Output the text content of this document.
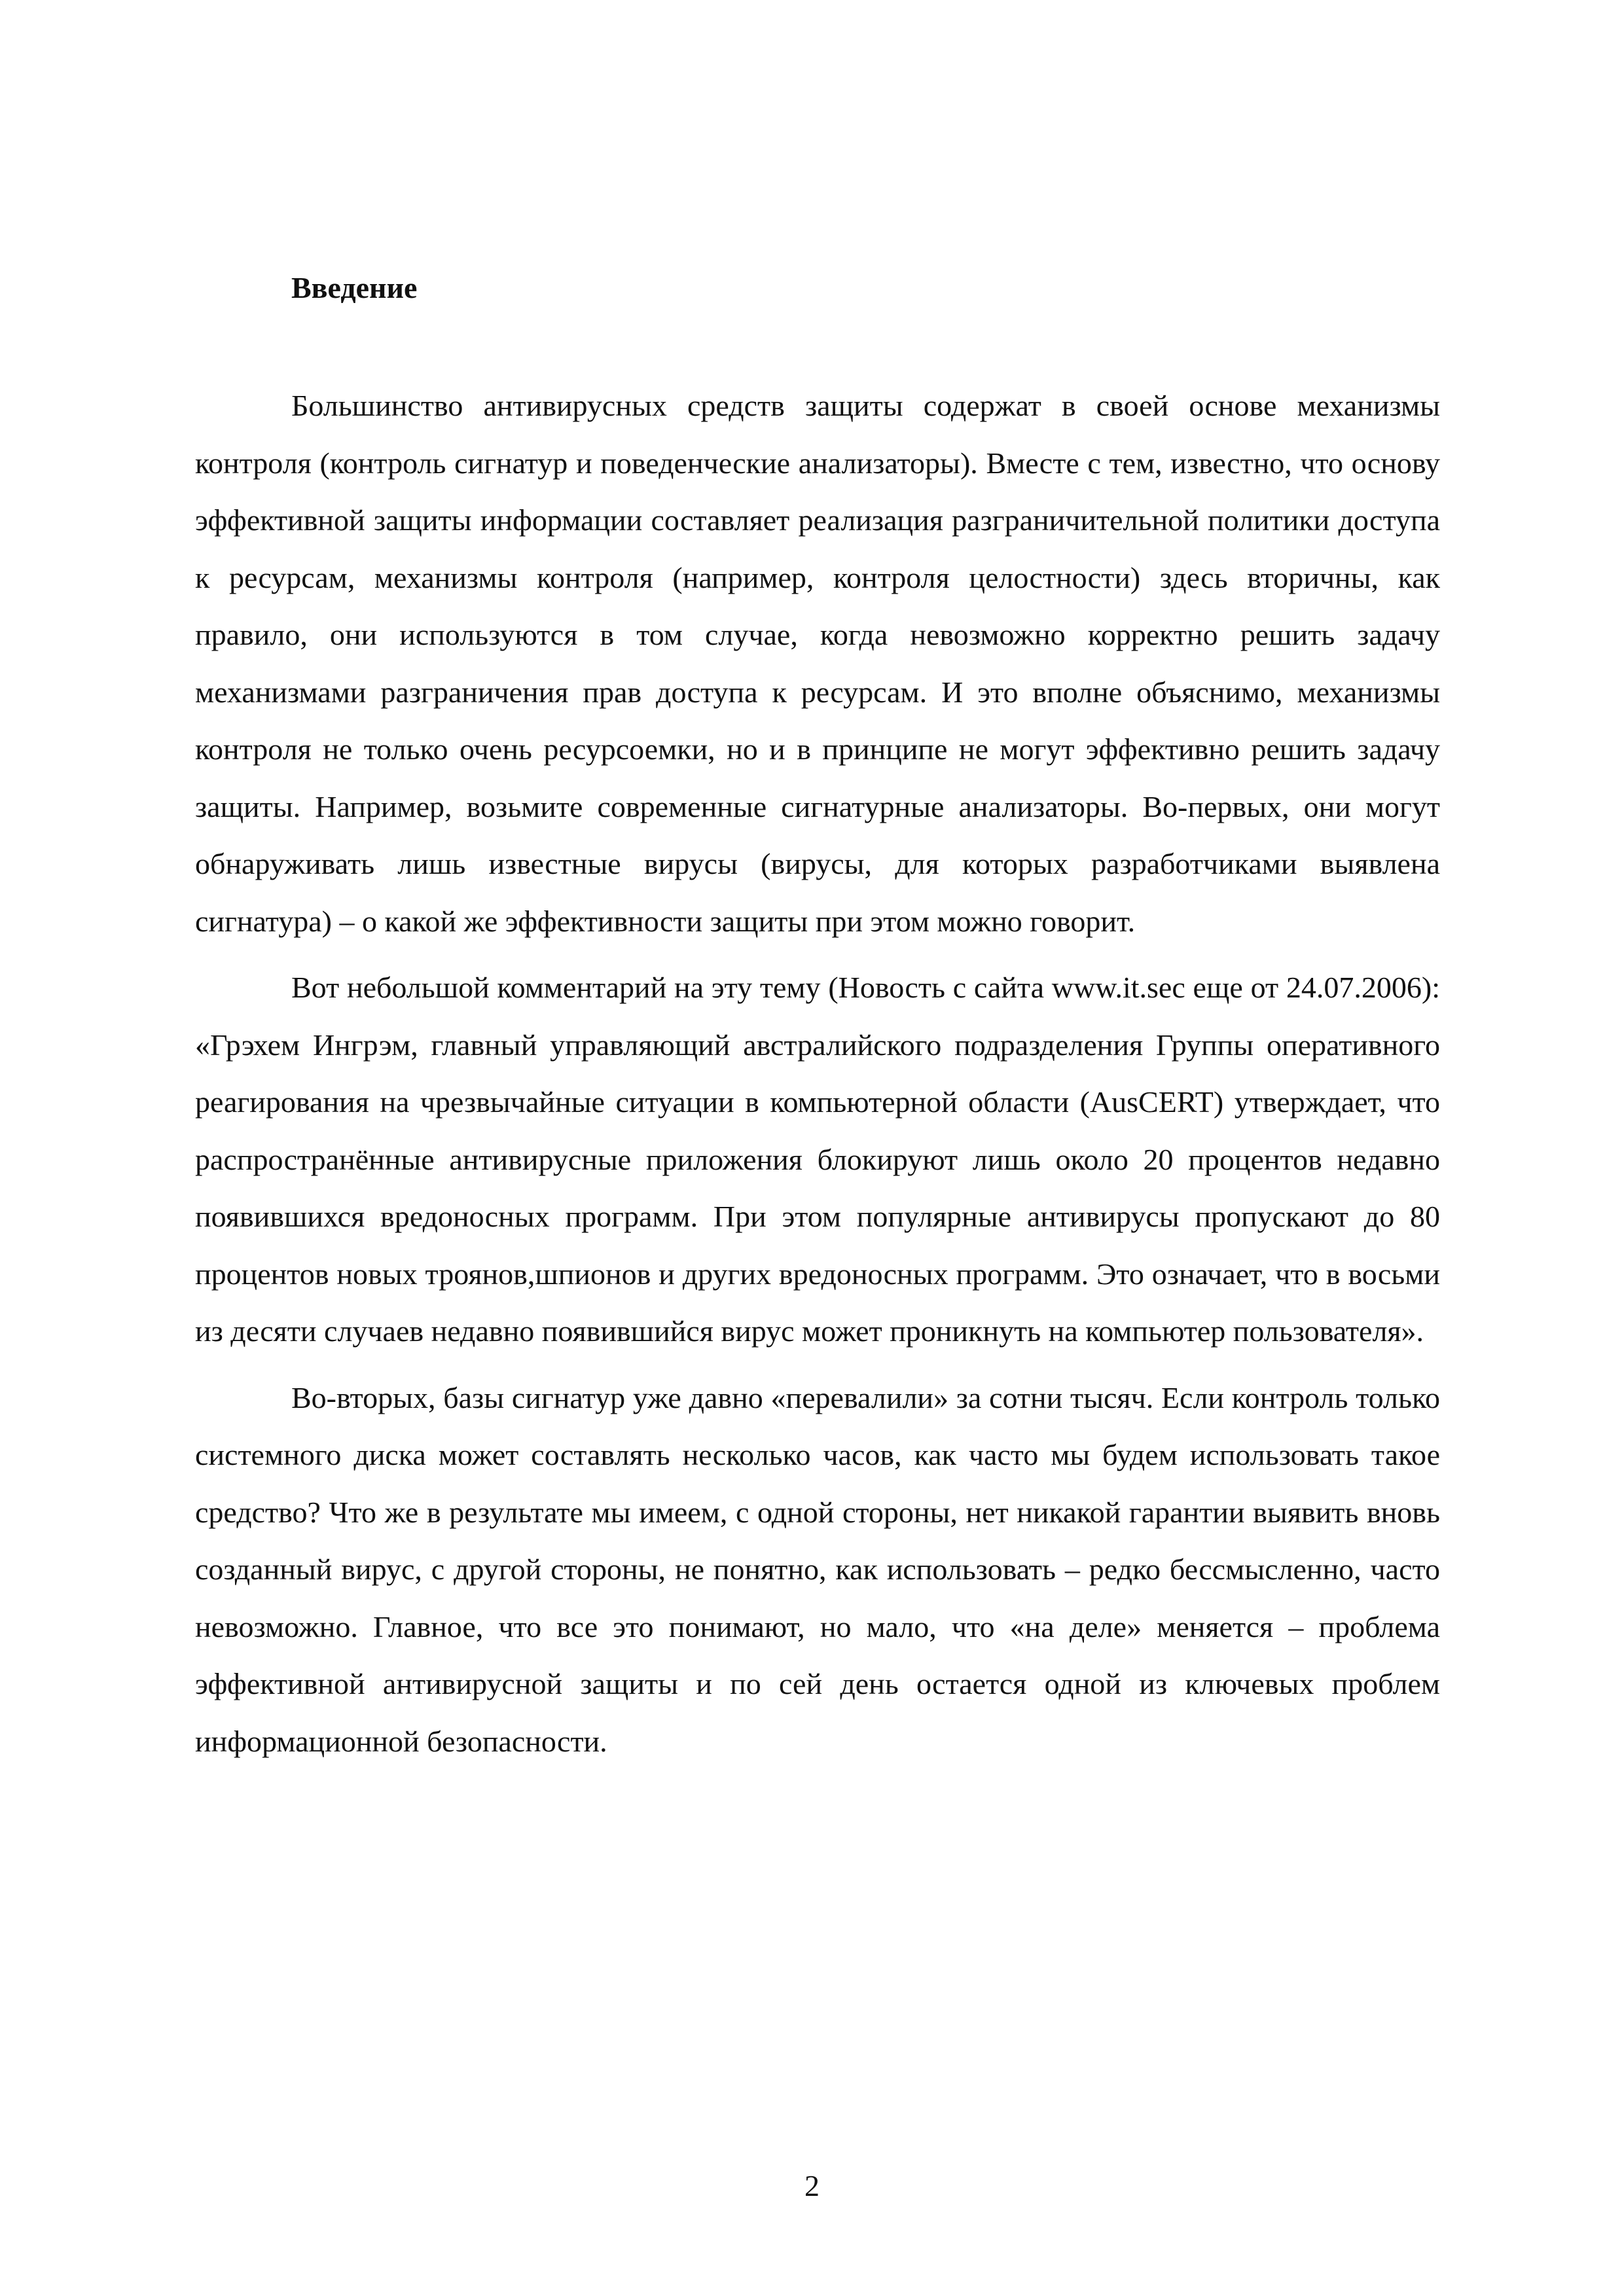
Введение

Большинство антивирусных средств защиты содержат в своей основе механизмы контроля (контроль сигнатур и поведенческие анализаторы). Вместе с тем, известно, что основу эффективной защиты информации составляет реализация разграничительной политики доступа к ресурсам, механизмы контроля (например, контроля целостности) здесь вторичны, как правило, они используются в том случае, когда невозможно корректно решить задачу механизмами разграничения прав доступа к ресурсам. И это вполне объяснимо, механизмы контроля не только очень ресурсоемки, но и в принципе не могут эффективно решить задачу защиты. Например, возьмите современные сигнатурные анализаторы. Во-первых, они могут обнаруживать лишь известные вирусы (вирусы, для которых разработчиками выявлена сигнатура) – о какой же эффективности защиты при этом можно говорит.

Вот небольшой комментарий на эту тему (Новость с сайта www.it.sec еще от 24.07.2006): «Грэхем Ингрэм, главный управляющий австралийского подразделения Группы оперативного реагирования на чрезвычайные ситуации в компьютерной области (AusCERT) утверждает, что распространённые антивирусные приложения блокируют лишь около 20 процентов недавно появившихся вредоносных программ. При этом популярные антивирусы пропускают до 80 процентов новых троянов,шпионов и других вредоносных программ. Это означает, что в восьми из десяти случаев недавно появившийся вирус может проникнуть на компьютер пользователя».

Во-вторых, базы сигнатур уже давно «перевалили» за сотни тысяч. Если контроль только системного диска может составлять несколько часов, как часто мы будем использовать такое средство? Что же в результате мы имеем, с одной стороны, нет никакой гарантии выявить вновь созданный вирус, с другой стороны, не понятно, как использовать – редко бессмысленно, часто невозможно. Главное, что все это понимают, но мало, что «на деле» меняется – проблема эффективной антивирусной защиты и по сей день остается одной из ключевых проблем информационной безопасности.

2
